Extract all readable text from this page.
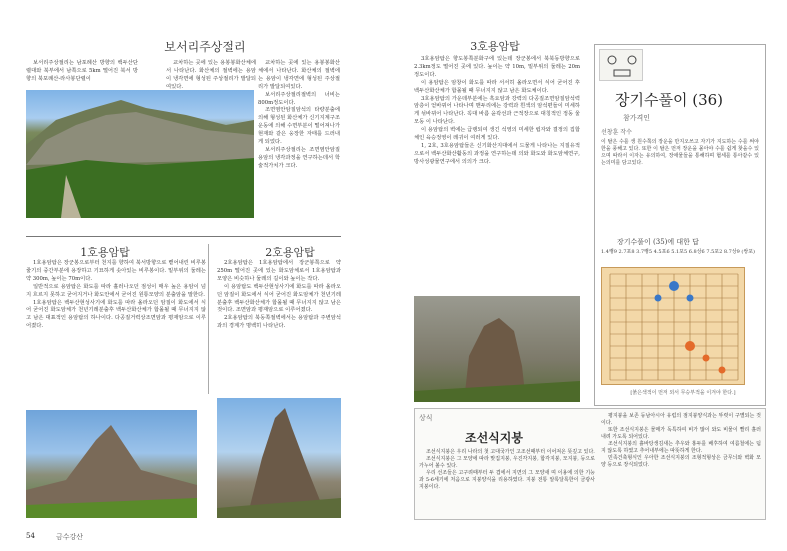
보서리주상절리

보서리주상절리는 남포례산 방향의 백두산단렬대와 북부에서 남쪽으로 5km 떨어진 북서 방향의 북포례산-라사봉단렬이

교차하는 곳에 있는 용봉봉화산체에서 나타난다. 화산체의 절벽에는 용암이 냉각면에 형성된 주상절리가 발달되여있다.

교차하는 곳에 있는 용봉봉화산체에서 나타난다. 화산체의 절벽에는 용암이 냉각면에 형성된 주상절리가 발달되여있다.

보서리주상절리절벽의 너비는 800m정도이다.

조면염안암질암석의 타량분출에 의해 형성된 화산체가 신기지계구조운동에 의해 수면부분이 떨어져나가 현재와 같은 웅장한 자태를 드러내게 되었다.

보서리주상절리는 조면염안암질용암의 냉각과정을 연구하는데서 학술적가치가 크다.

1호용암탑

1호용암탑은 장군봉으로부터 천지를 향하여 북서방향으로 뻗어내린 비루봉줄기의 중간부분에 용장하고 기묘하게 솟아있는 비루봉이다. 밑부위의 둘레는 약 300m, 높이는 70m이다.

일반적으로 용암탑은 화도를 따라 흘러나오던 점성이 매우 높은 용암이 넘지 흐르지 못하고 굳어지거나 화도안에서 굳어진 원통모양의 분출암을 말한다.

1호용암탑은 백두산현성사기에 화도를 따라 올라오던 암질이 화도에서 식어 굳어진 화도암체가 천년기레분출후 백두산화산체가 합몰될 때 무너지지 않고 남은 대표적인 용암탑의 하나이다. 다공질거력상조면암과 평재암으로 이루어졌다.

2호용암탑

2호용암탑은 1호용암탑에서 장군봉쪽으로 약 250m 떨어진 곳에 있는 화도암체로서 1호용암탑과 모양은 비슷하나 둘레의 길이와 높이는 작다.

이 용암탑도 백두산현성사기에 화도를 따라 올라오던 암질이 화도에서 식어 굳어진 화도암체가 천년기레분출후 백두산화산체가 합몰될 때 무너지지 않고 남은것이다. 조면암과 평재암으로 이루어졌다.

2호용암탑의 북동쪽절벽에서는 용암탑과 주변암석과의 경계가 명백히 나타난다.

3호용암탑

3호용암탑은 향도봉쪽분화구에 있는데 장군봉에서 북북동방향으로 2.3km정도 떨어진 곳에 있다. 높이는 약 10m, 밑부위의 둘레는 20m정도이다.

이 용암탑은 암창이 화도를 따라 서서히 올라오면서 식어 굳어진 후 백두산화산체가 합몰될 때 무너지지 않고 남은 화도체이다.

3호용암탑의 가운데부분에는 흑요암과 강력의 다공질조면암질암석력암층이 얻바뀌어 나타나며 맨두리에는 강력과 흰색의 암석편들이 미세하게 섞바뀌어 나타난다. 꼭대 바름 윤곽선과 근적장으로 대칭적인 정동 울 모동 이 나타난다.

이 용암탑의 벽에는 급랭되여 생긴 석영의 미세한 립자와 결정의 집합체인 육승정영이 레귀이 여러게 있다.

1, 2호, 3호용암탑들은 신기화산지대에서 드물게 나타나는 지질유적으로서 백두산화산활동의 과정을 연구하는데 의와 화도와 화도암체연구, 방사성광물연구에서 의의가 크다.

장기수풀이 (36)
참가격인
선창훈 작수
이 탈은 수를 생 원수쪽의 장운을 만지오쓰고 자기가 지도하는 수를 써야 한을 풍해고 있다. 또한 이 탈은 먼저 장운을 몰아야 수를 쉽게 찾을수 있으며 따라서 이자는 유의하여, 장애물들을 통해하며 협세를 통아같수 있는의미를 담고있다.
장기수풀이 (35)에 대한 답
1.4뻥9 2.7포8 3.7뻥5 4.5포6 5.1포5 6.8상6 7.5포2 8.7상9 (쌍포)
[붉은색적이 먼저 외서 무승부적을 이겨야 한다.]
상식
조선식지붕

조선식지붕은 우리 나라의 첫 고대국가인 고조선때부터 이어져온 뜻깊고 있다.

조선식지붕은 그 모양에 따라 맞집지붕, 우진각지붕, 합각지붕, 모지붕, 등으로 가누어 볼수 있다.

우리 선조들은 고구려때부터 두 겹에서 지면의 그 모양새 며 이용에 의한 기능과 5-6세기에 처음으로 지붕양식을 리용하였다. 지붕 전통 알록달록한이 금광사지붕이다.

평지붕을 보존 등남아시아 유럽의 점지붕양식과는 뚜렷이 구별되는 것이다.

또한 조선식지붕은 물매가 독특하여 비가 많이 와도 비물이 빨리 흘러내려 가도록 되어있다.

조선식지붕의 흙바탕생김새는 추우와 홍두를 배후하여 여름철에는 덥지 않도록 하였고 추어내부에는 따뜻하게 한다.

민족건축형식인 우아한 조선식지붕의 조형적형상은 금무늬와 벽화 모양 등으로 장식되었다.

54	금수강산
